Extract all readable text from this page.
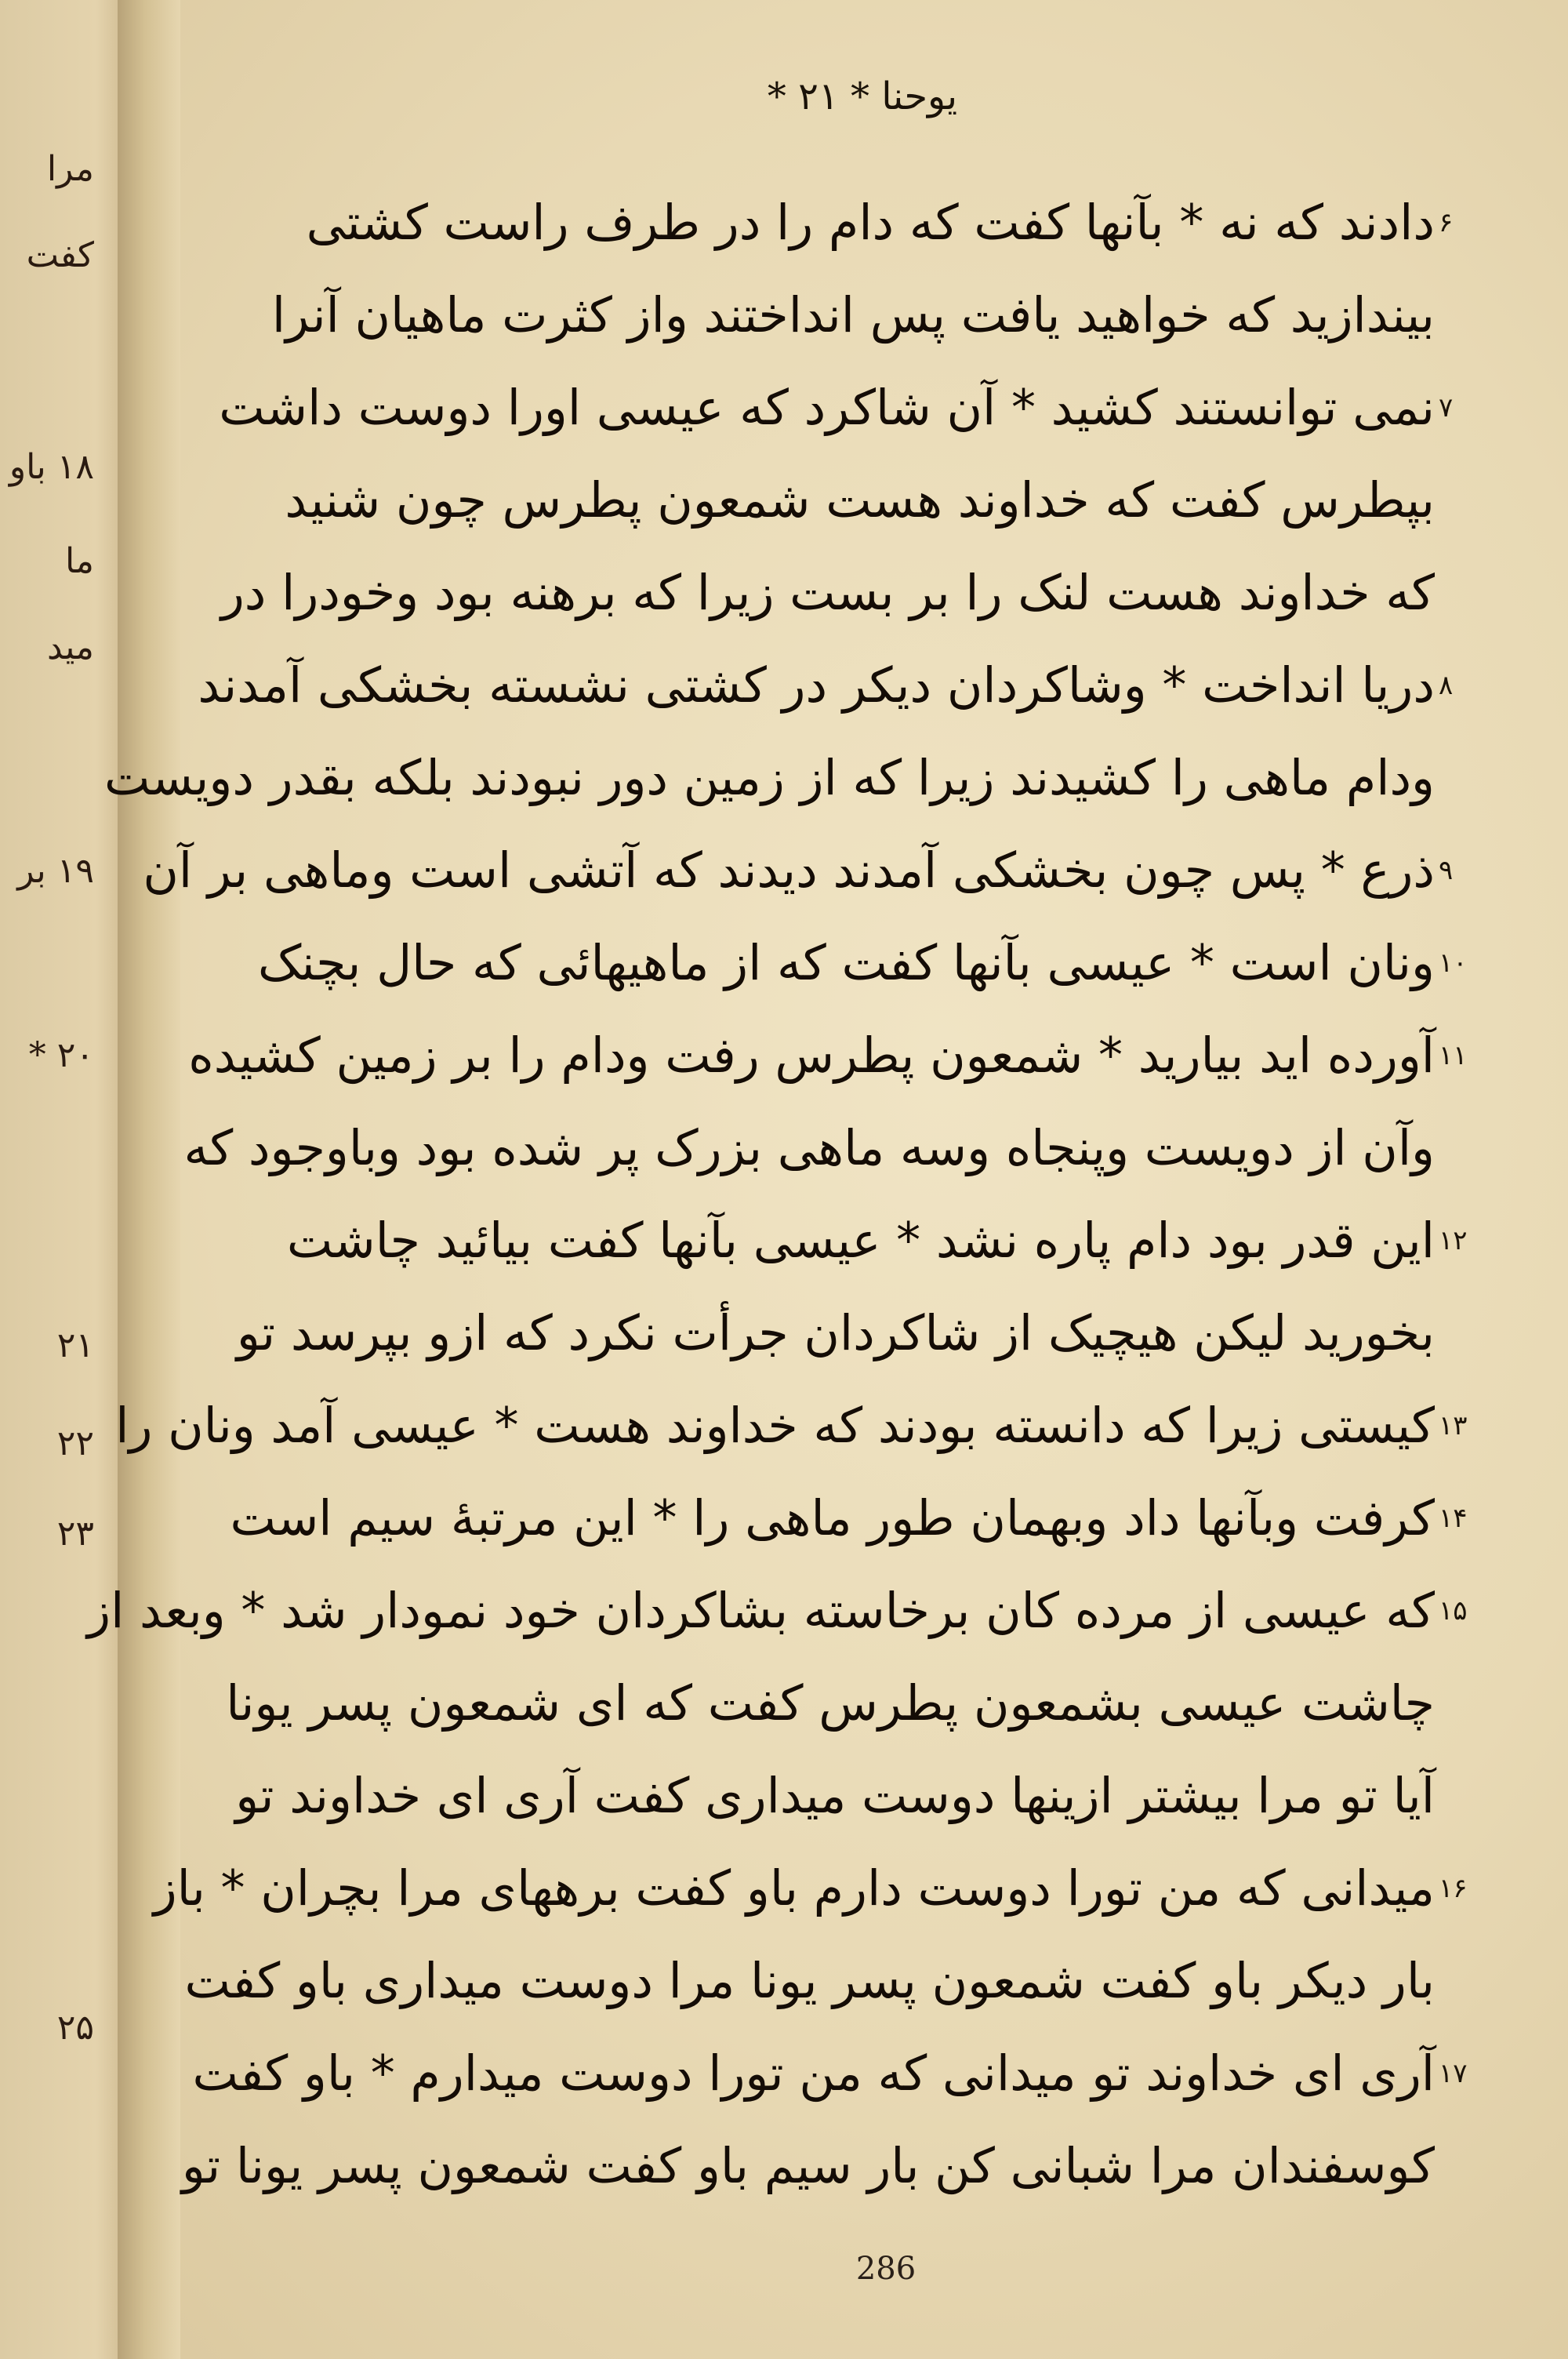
مرا
کفت
۱۸ باو
ما
مید
۱۹ بر
۲۰ *
۲۱
۲۲
۲۳
۲۵
یوحنا * ۲۱ *
۶
دادند که نه * بآنها کفت که دام را در طرف راست کشتی
بیندازید که خواهید یافت پس انداختند واز کثرت ماهیان آنرا
۷
نمی توانستند کشید * آن شاکرد که عیسی اورا دوست داشت
بپطرس کفت که خداوند هست شمعون پطرس چون شنید
که خداوند هست لنک را بر بست زیرا که برهنه بود وخودرا در
۸
دریا انداخت * وشاکردان دیکر در کشتی نشسته بخشکی آمدند
ودام ماهی را کشیدند زیرا که از زمین دور نبودند بلکه بقدر دویست
۹
ذرع * پس چون بخشکی آمدند دیدند که آتشی است وماهی بر آن
۱۰
ونان است * عیسی بآنها کفت که از ماهیهائی که حال بچنک
۱۱
آورده اید بیارید * شمعون پطرس رفت ودام را بر زمین کشیده
وآن از دویست وپنجاه وسه ماهی بزرک پر شده بود وباوجود که
۱۲
این قدر بود دام پاره نشد * عیسی بآنها کفت بیائید چاشت
بخورید لیکن هیچیک از شاکردان جرأت نکرد که ازو بپرسد تو
۱۳
کیستی زیرا که دانسته بودند که خداوند هست * عیسی آمد ونان را
۱۴
کرفت وبآنها داد وبهمان طور ماهی را * این مرتبهٔ سیم است
۱۵
که عیسی از مرده کان برخاسته بشاکردان خود نمودار شد * وبعد از
چاشت عیسی بشمعون پطرس کفت که ای شمعون پسر یونا
آیا تو مرا بیشتر ازینها دوست میداری کفت آری ای خداوند تو
۱۶
میدانی که من تورا دوست دارم باو کفت برههای مرا بچران * باز
بار دیکر باو کفت شمعون پسر یونا مرا دوست میداری باو کفت
۱۷
آری ای خداوند تو میدانی که من تورا دوست میدارم * باو کفت
کوسفندان مرا شبانی کن بار سیم باو کفت شمعون پسر یونا تو
286
